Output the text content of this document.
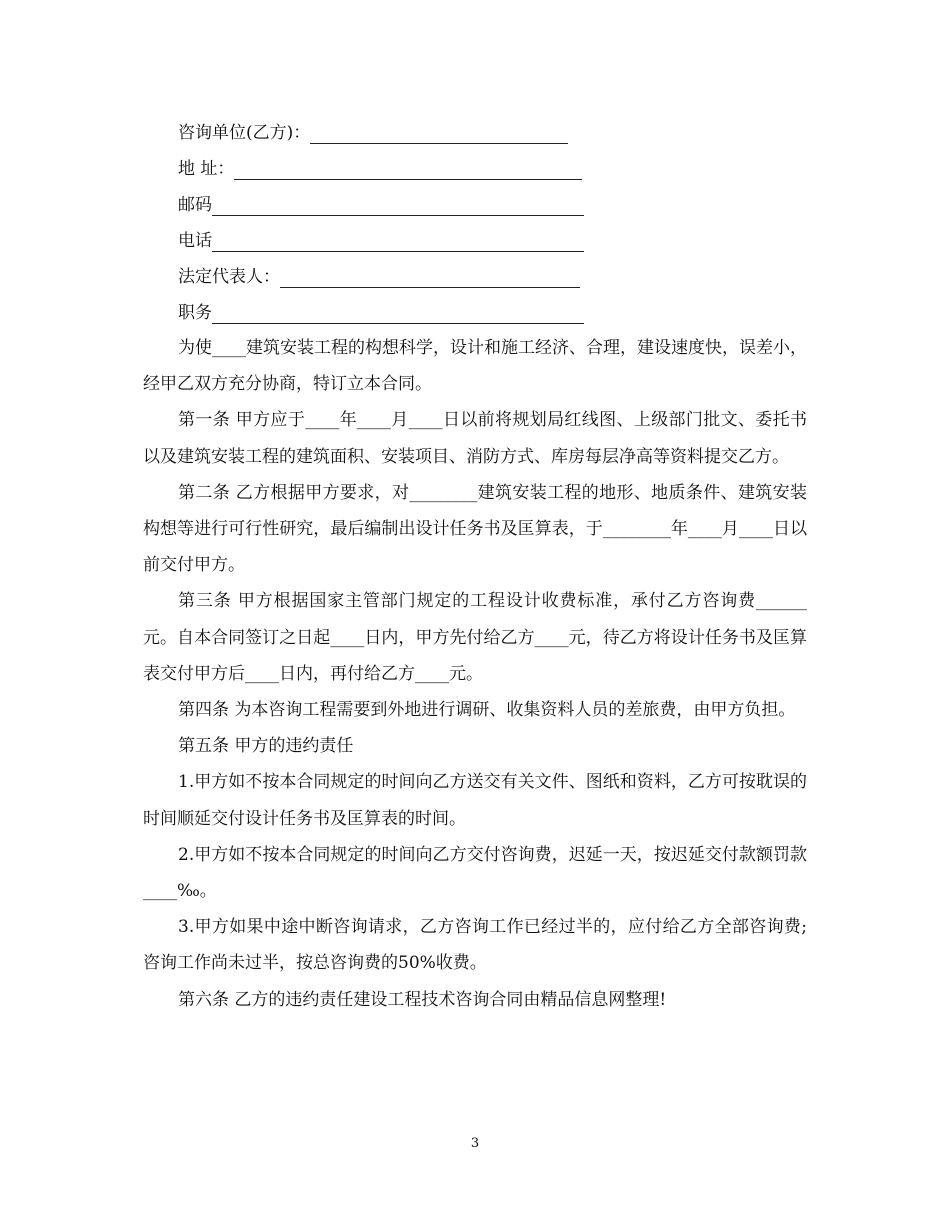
咨询单位(乙方)：
地 址：
邮码
电话
法定代表人：
职务

为使____建筑安装工程的构想科学，设计和施工经济、合理，建设速度快，误差小，经甲乙双方充分协商，特订立本合同。

第一条 甲方应于____年____月____日以前将规划局红线图、上级部门批文、委托书以及建筑安装工程的建筑面积、安装项目、消防方式、库房每层净高等资料提交乙方。

第二条 乙方根据甲方要求，对________建筑安装工程的地形、地质条件、建筑安装构想等进行可行性研究，最后编制出设计任务书及匡算表，于________年____月____日以前交付甲方。

第三条 甲方根据国家主管部门规定的工程设计收费标准，承付乙方咨询费______ 元。自本合同签订之日起____日内，甲方先付给乙方____元，待乙方将设计任务书及匡算表交付甲方后____日内，再付给乙方____元。

第四条 为本咨询工程需要到外地进行调研、收集资料人员的差旅费，由甲方负担。

第五条 甲方的违约责任

1.甲方如不按本合同规定的时间向乙方送交有关文件、图纸和资料，乙方可按耽误的时间顺延交付设计任务书及匡算表的时间。

2.甲方如不按本合同规定的时间向乙方交付咨询费，迟延一天，按迟延交付款额罚款____‰。

3.甲方如果中途中断咨询请求，乙方咨询工作已经过半的，应付给乙方全部咨询费;咨询工作尚未过半，按总咨询费的50%收费。

第六条 乙方的违约责任建设工程技术咨询合同由精品信息网整理!

3
